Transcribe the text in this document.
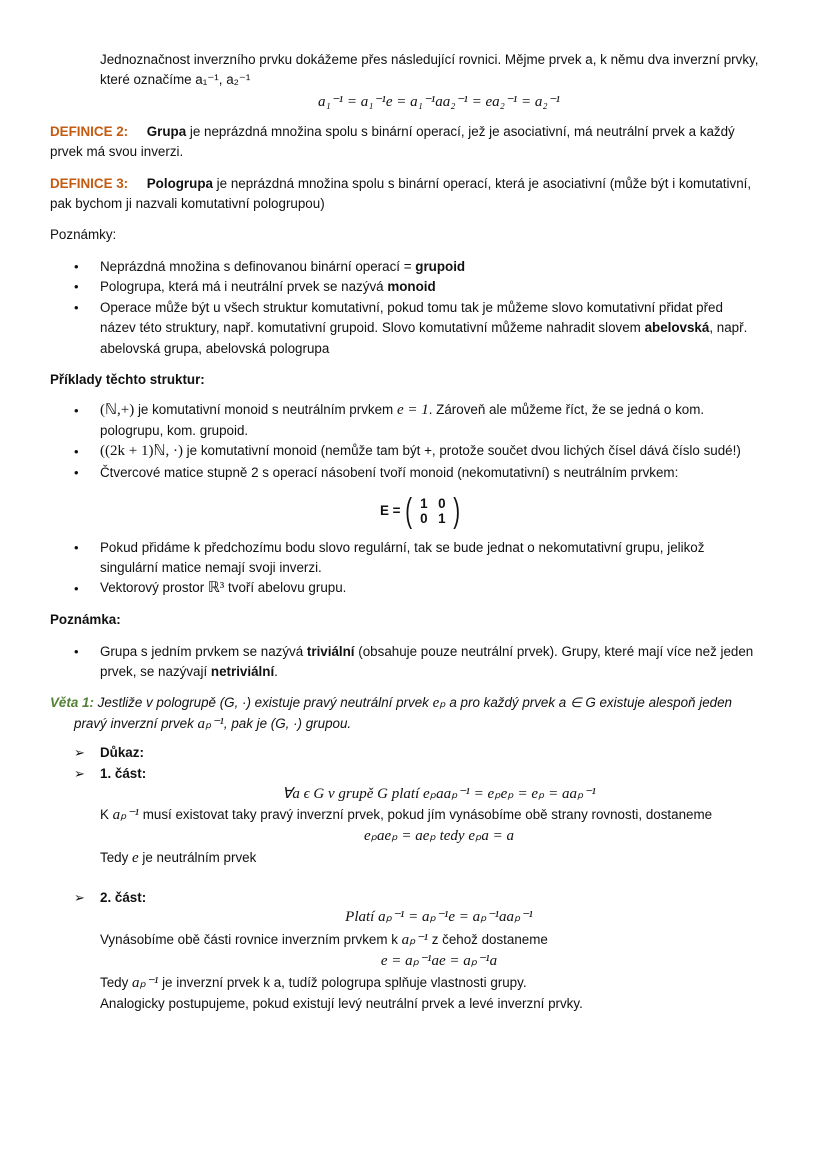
Jednoznačnost inverzního prvku dokážeme přes následující rovnici. Mějme prvek a, k němu dva inverzní prvky,
které označíme a₁⁻¹, a₂⁻¹
a₁⁻¹ = a₁⁻¹e = a₁⁻¹aa₂⁻¹ = ea₂⁻¹ = a₂⁻¹
DEFINICE 2: Grupa je neprázdná množina spolu s binární operací, jež je asociativní, má neutrální prvek a každý
prvek má svou inverzi.
DEFINICE 3: Pologrupa je neprázdná množina spolu s binární operací, která je asociativní (může být i komutativní,
pak bychom ji nazvali komutativní pologrupou)
Poznámky:
•	Neprázdná množina s definovanou binární operací = grupoid
•	Pologrupa, která má i neutrální prvek se nazývá monoid
•	Operace může být u všech struktur komutativní, pokud tomu tak je můžeme slovo komutativní přidat před
název této struktury, např. komutativní grupoid. Slovo komutativní můžeme nahradit slovem abelovská, např.
abelovská grupa, abelovská pologrupa
Příklady těchto struktur:
•	(ℕ,+) je komutativní monoid s neutrálním prvkem e = 1. Zároveň ale můžeme říct, že se jedná o kom.
pologrupu, kom. grupoid.
•	((2k + 1)ℕ, ·) je komutativní monoid (nemůže tam být +, protože součet dvou lichých čísel dává číslo sudé!)
•	Čtvercové matice stupně 2 s operací násobení tvoří monoid (nekomutativní) s neutrálním prvkem:
E = ( 1 0
0 1 )
•	Pokud přidáme k předchozímu bodu slovo regulární, tak se bude jednat o nekomutativní grupu, jelikož
singulární matice nemají svoji inverzi.
•	Vektorový prostor ℝ³ tvoří abelovu grupu.
Poznámka:
•	Grupa s jedním prvkem se nazývá triviální (obsahuje pouze neutrální prvek). Grupy, které mají více než jeden
prvek, se nazývají netriviální.
Věta 1: Jestliže v pologrupě (G, ·) existuje pravý neutrální prvek eₚ a pro každý prvek a ∈ G existuje alespoň jeden
pravý inverzní prvek aₚ⁻¹, pak je (G, ·) grupou.
➢ Důkaz:
➢ 1. část:
∀a ϵ G v grupě G platí eₚaaₚ⁻¹ = eₚeₚ = eₚ = aaₚ⁻¹
K aₚ⁻¹ musí existovat taky pravý inverzní prvek, pokud jím vynásobíme obě strany rovnosti, dostaneme
eₚaeₚ = aeₚ tedy eₚa = a
Tedy e je neutrálním prvek
➢ 2. část:
Platí aₚ⁻¹ = aₚ⁻¹e = aₚ⁻¹aaₚ⁻¹
Vynásobíme obě části rovnice inverzním prvkem k aₚ⁻¹ z čehož dostaneme
e = aₚ⁻¹ae = aₚ⁻¹a
Tedy aₚ⁻¹ je inverzní prvek k a, tudíž pologrupa splňuje vlastnosti grupy.
Analogicky postupujeme, pokud existují levý neutrální prvek a levé inverzní prvky.
